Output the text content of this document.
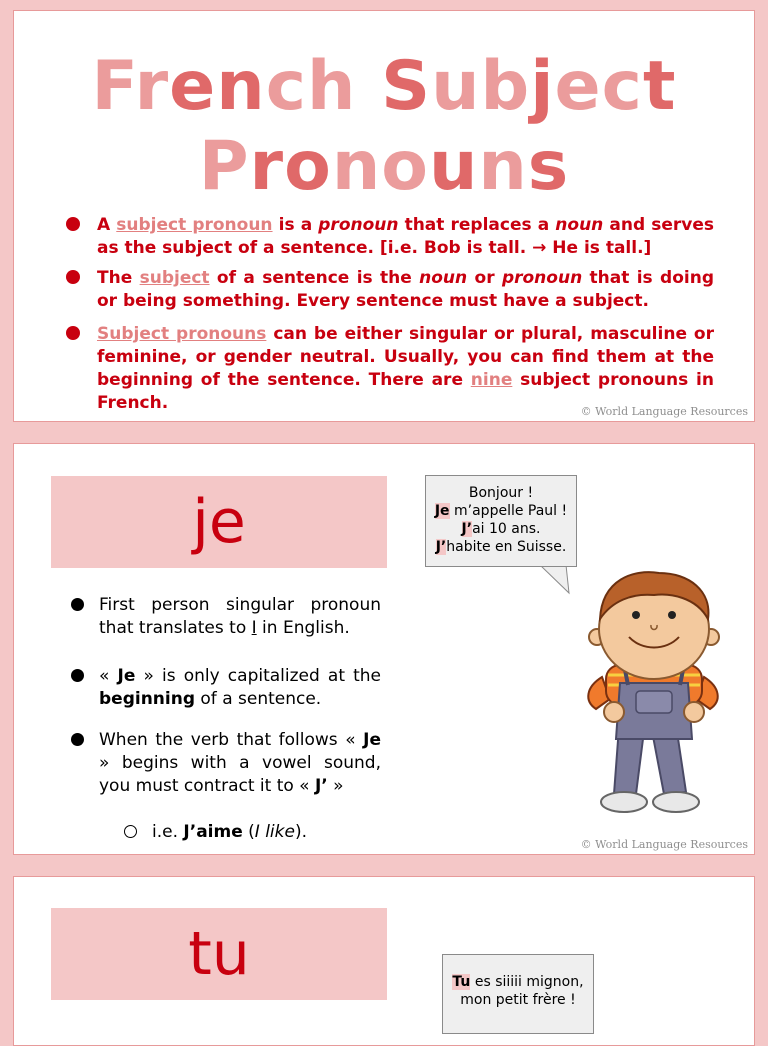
French Subject
Pronouns
A subject pronoun is a pronoun that replaces a noun and serves as the subject of a sentence. [i.e. Bob is tall. → He is tall.]
The subject of a sentence is the noun or pronoun that is doing or being something. Every sentence must have a subject.
Subject pronouns can be either singular or plural, masculine or feminine, or gender neutral. Usually, you can find them at the beginning of the sentence. There are nine subject pronouns in French.	© World Language Resources
je
First person singular pronoun that translates to I in English.
« Je » is only capitalized at the beginning of a sentence.
When the verb that follows « Je » begins with a vowel sound, you must contract it to « J’ »
i.e. J’aime (I like).
Bonjour !
Je m’appelle Paul ! J’ai 10 ans.
J’habite en Suisse.
© World Language Resources
tu	Tu es siiiii mignon, mon petit frère !
